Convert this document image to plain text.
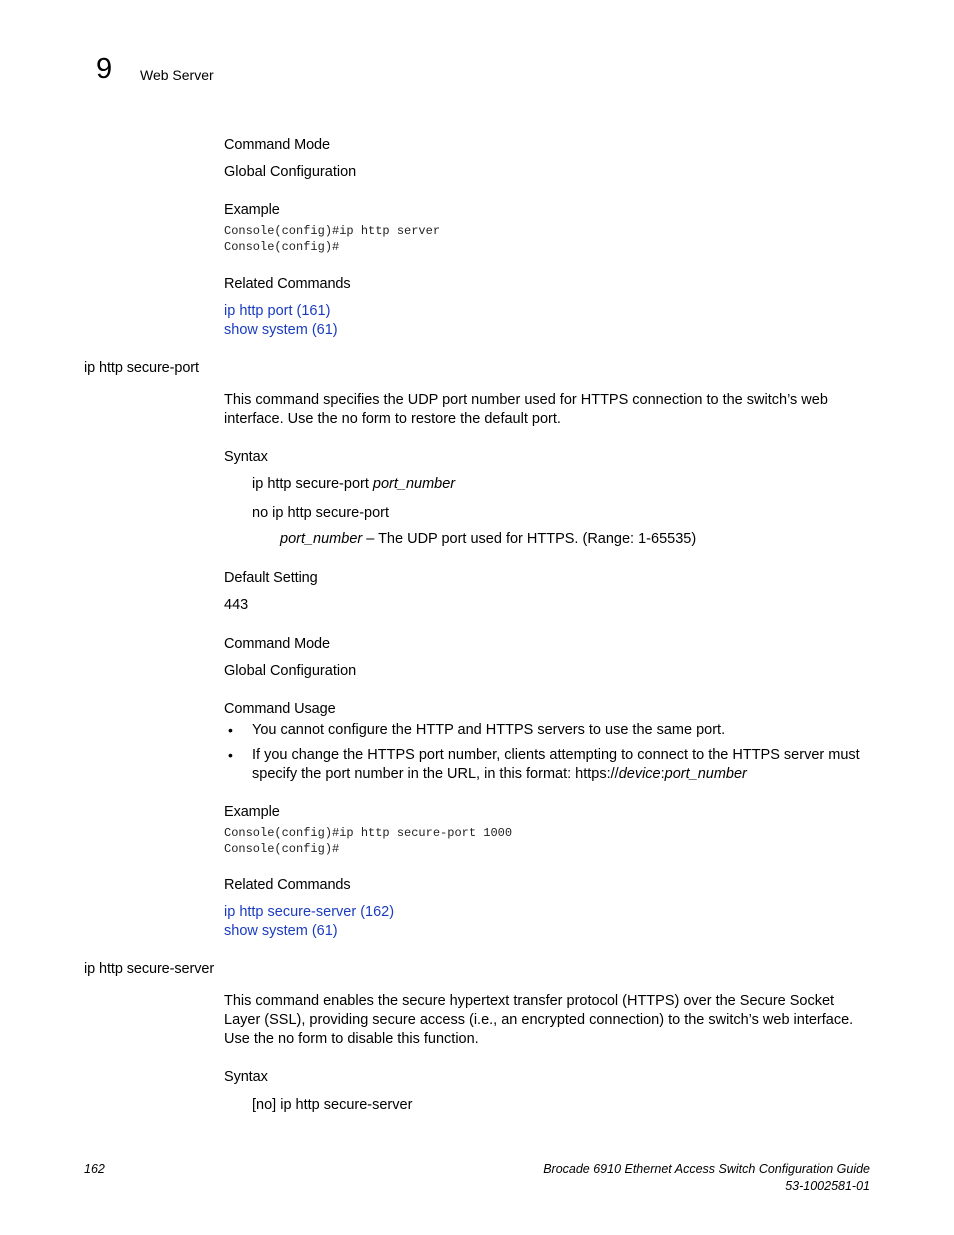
9 Web Server
Command Mode
Global Configuration
Example
Console(config)#ip http server
Console(config)#
Related Commands
ip http port (161)
show system (61)
ip http secure-port
This command specifies the UDP port number used for HTTPS connection to the switch’s web
interface. Use the no form to restore the default port.
Syntax
ip http secure-port port_number
no ip http secure-port
port_number – The UDP port used for HTTPS. (Range: 1-65535)
Default Setting
443
Command Mode
Global Configuration
Command Usage
• You cannot configure the HTTP and HTTPS servers to use the same port.
• If you change the HTTPS port number, clients attempting to connect to the HTTPS server must
specify the port number in the URL, in this format: https://device:port_number
Example
Console(config)#ip http secure-port 1000
Console(config)#
Related Commands
ip http secure-server (162)
show system (61)
ip http secure-server
This command enables the secure hypertext transfer protocol (HTTPS) over the Secure Socket
Layer (SSL), providing secure access (i.e., an encrypted connection) to the switch’s web interface.
Use the no form to disable this function.
Syntax
[no] ip http secure-server
162	Brocade 6910 Ethernet Access Switch Configuration Guide
53-1002581-01
